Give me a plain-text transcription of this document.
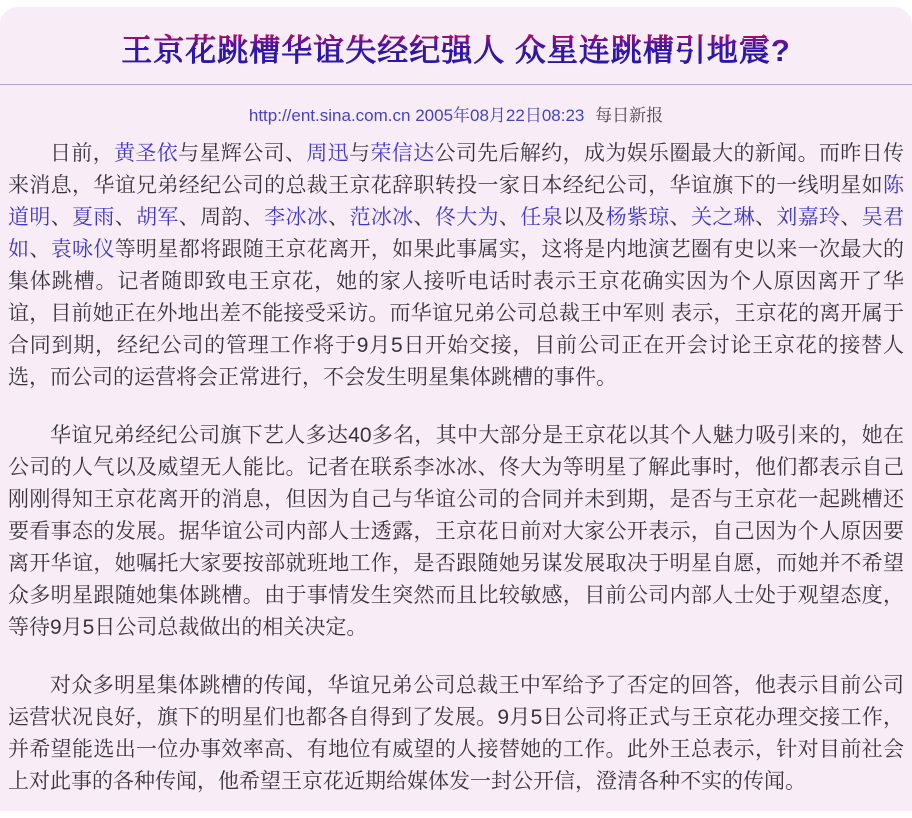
王京花跳槽华谊失经纪强人 众星连跳槽引地震?
http://ent.sina.com.cn 2005年08月22日08:23 每日新报

日前，黄圣依与星辉公司、周迅与荣信达公司先后解约，成为娱乐圈最大的新闻。而昨日传来消息，华谊兄弟经纪公司的总裁王京花辞职转投一家日本经纪公司，华谊旗下的一线明星如陈道明、夏雨、胡军、周韵、李冰冰、范冰冰、佟大为、任泉以及杨紫琼、关之琳、刘嘉玲、吴君如、袁咏仪等明星都将跟随王京花离开，如果此事属实，这将是内地演艺圈有史以来一次最大的集体跳槽。记者随即致电王京花，她的家人接听电话时表示王京花确实因为个人原因离开了华谊，目前她正在外地出差不能接受采访。而华谊兄弟公司总裁王中军则 表示，王京花的离开属于合同到期，经纪公司的管理工作将于9月5日开始交接，目前公司正在开会讨论王京花的接替人选，而公司的运营将会正常进行，不会发生明星集体跳槽的事件。

华谊兄弟经纪公司旗下艺人多达40多名，其中大部分是王京花以其个人魅力吸引来的，她在公司的人气以及威望无人能比。记者在联系李冰冰、佟大为等明星了解此事时，他们都表示自己刚刚得知王京花离开的消息，但因为自己与华谊公司的合同并未到期，是否与王京花一起跳槽还要看事态的发展。据华谊公司内部人士透露，王京花日前对大家公开表示，自己因为个人原因要离开华谊，她嘱托大家要按部就班地工作，是否跟随她另谋发展取决于明星自愿，而她并不希望众多明星跟随她集体跳槽。由于事情发生突然而且比较敏感，目前公司内部人士处于观望态度，等待9月5日公司总裁做出的相关决定。

对众多明星集体跳槽的传闻，华谊兄弟公司总裁王中军给予了否定的回答，他表示目前公司运营状况良好，旗下的明星们也都各自得到了发展。9月5日公司将正式与王京花办理交接工作，并希望能选出一位办事效率高、有地位有威望的人接替她的工作。此外王总表示，针对目前社会上对此事的各种传闻，他希望王京花近期给媒体发一封公开信，澄清各种不实的传闻。
